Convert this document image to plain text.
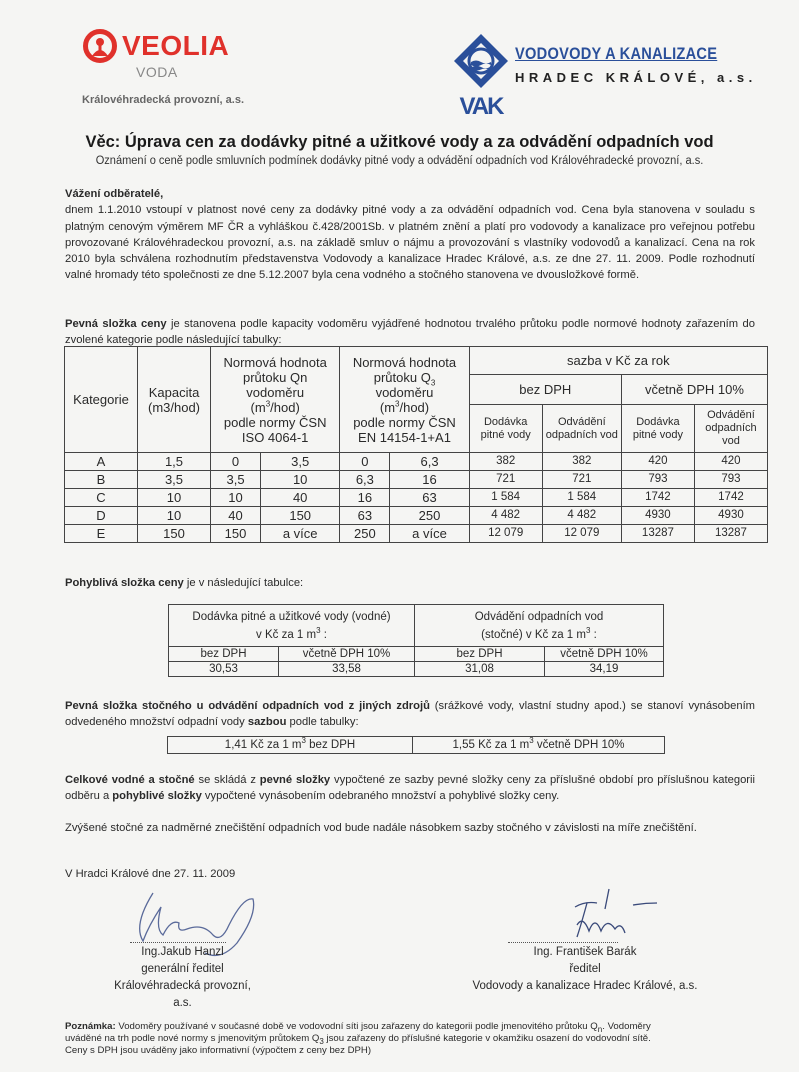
VEOLIA
VODA
Královéhradecká provozní, a.s.	VAK
VODOVODY A KANALIZACE
HRADEC KRÁLOVÉ, a.s.
Věc: Úprava cen za dodávky pitné a užitkové vody a za odvádění odpadních vod
Oznámení o ceně podle smluvních podmínek dodávky pitné vody a odvádění odpadních vod Královéhradecké provozní, a.s.
Vážení odběratelé,
dnem 1.1.2010 vstoupí v platnost nové ceny za dodávky pitné vody a za odvádění odpadních vod. Cena byla stanovena v souladu s platným cenovým výměrem MF ČR a vyhláškou č.428/2001Sb. v platném znění a platí pro vodovody a kanalizace pro veřejnou potřebu provozované Královéhradeckou provozní, a.s. na základě smluv o nájmu a provozování s vlastníky vodovodů a kanalizací. Cena na rok 2010 byla schválena rozhodnutím představenstva Vodovody a kanalizace Hradec Králové, a.s. ze dne 27. 11. 2009. Podle rozhodnutí valné hromady této společnosti ze dne 5.12.2007 byla cena vodného a stočného stanovena ve dvousložkové formě.
Pevná složka ceny je stanovena podle kapacity vodoměru vyjádřené hodnotou trvalého průtoku podle normové hodnoty zařazením do zvolené kategorie podle následující tabulky:
Kategorie	Kapacita (m3/hod)	Normová hodnota
průtoku Qn
vodoměru
$(m^3/hod)$
podle normy ČSN
ISO 4064-1	Normová hodnota
průtoku $Q_3$
vodoměru
$(m^3/hod)$
podle normy ČSN
EN 14154-1+A1	sazba v Kč za rok
						bez DPH		včetně DPH 10%	
						Dodávka pitné vody	Odvádění odpadních vod	Dodávka pitné vody	Odvádění odpadních vod
A	1,5	0	3,5	0	6,3	382	382	420	420
B	3,5	3,5	10	6,3	16	721	721	793	793
C	10	10	40	16	63	1 584	1 584	1742	1742
D	10	40	150	63	250	4 482	4 482	4930	4930
E	150	150	a více	250	a více	12 079	12 079	13287	13287
Pohyblivá složka ceny je v následující tabulce:
Dodávka pitné a užitkové vody (vodné)
v Kč za 1 $m^3$ :		Odvádění odpadních vod
(stočné) v Kč za 1 $m^3$ :	
bez DPH	včetně DPH 10%	bez DPH	včetně DPH 10%
30,53	33,58	31,08	34,19
Pevná složka stočného u odvádění odpadních vod z jiných zdrojů (srážkové vody, vlastní studny apod.) se stanoví vynásobením odvedeného množství odpadní vody sazbou podle tabulky:
1,41 Kč za 1 $m^3$ bez DPH	1,55 Kč za 1 $m^3$ včetně DPH 10%
Celkové vodné a stočné se skládá z pevné složky vypočtené ze sazby pevné složky ceny za příslušné období pro příslušnou kategorii odběru a pohyblivé složky vypočtené vynásobením odebraného množství a pohyblivé složky ceny.
Zvýšené stočné za nadměrné znečištění odpadních vod bude nadále násobkem sazby stočného v závislosti na míře znečištění.
V Hradci Králové dne 27. 11. 2009
Ing.Jakub Hanzl
generální ředitel
Královéhradecká provozní, a.s.
Ing. František Barák
ředitel
Vodovody a kanalizace Hradec Králové, a.s.
Poznámka: Vodoměry používané v současné době ve vodovodní síti jsou zařazeny do kategorii podle jmenovitého průtoku $Q_n$. Vodoměry
uváděné na trh podle nové normy s jmenovitým průtokem $Q_3$ jsou zařazeny do příslušné kategorie v okamžiku osazení do vodovodní sítě.
Ceny s DPH jsou uváděny jako informativní (výpočtem z ceny bez DPH)
